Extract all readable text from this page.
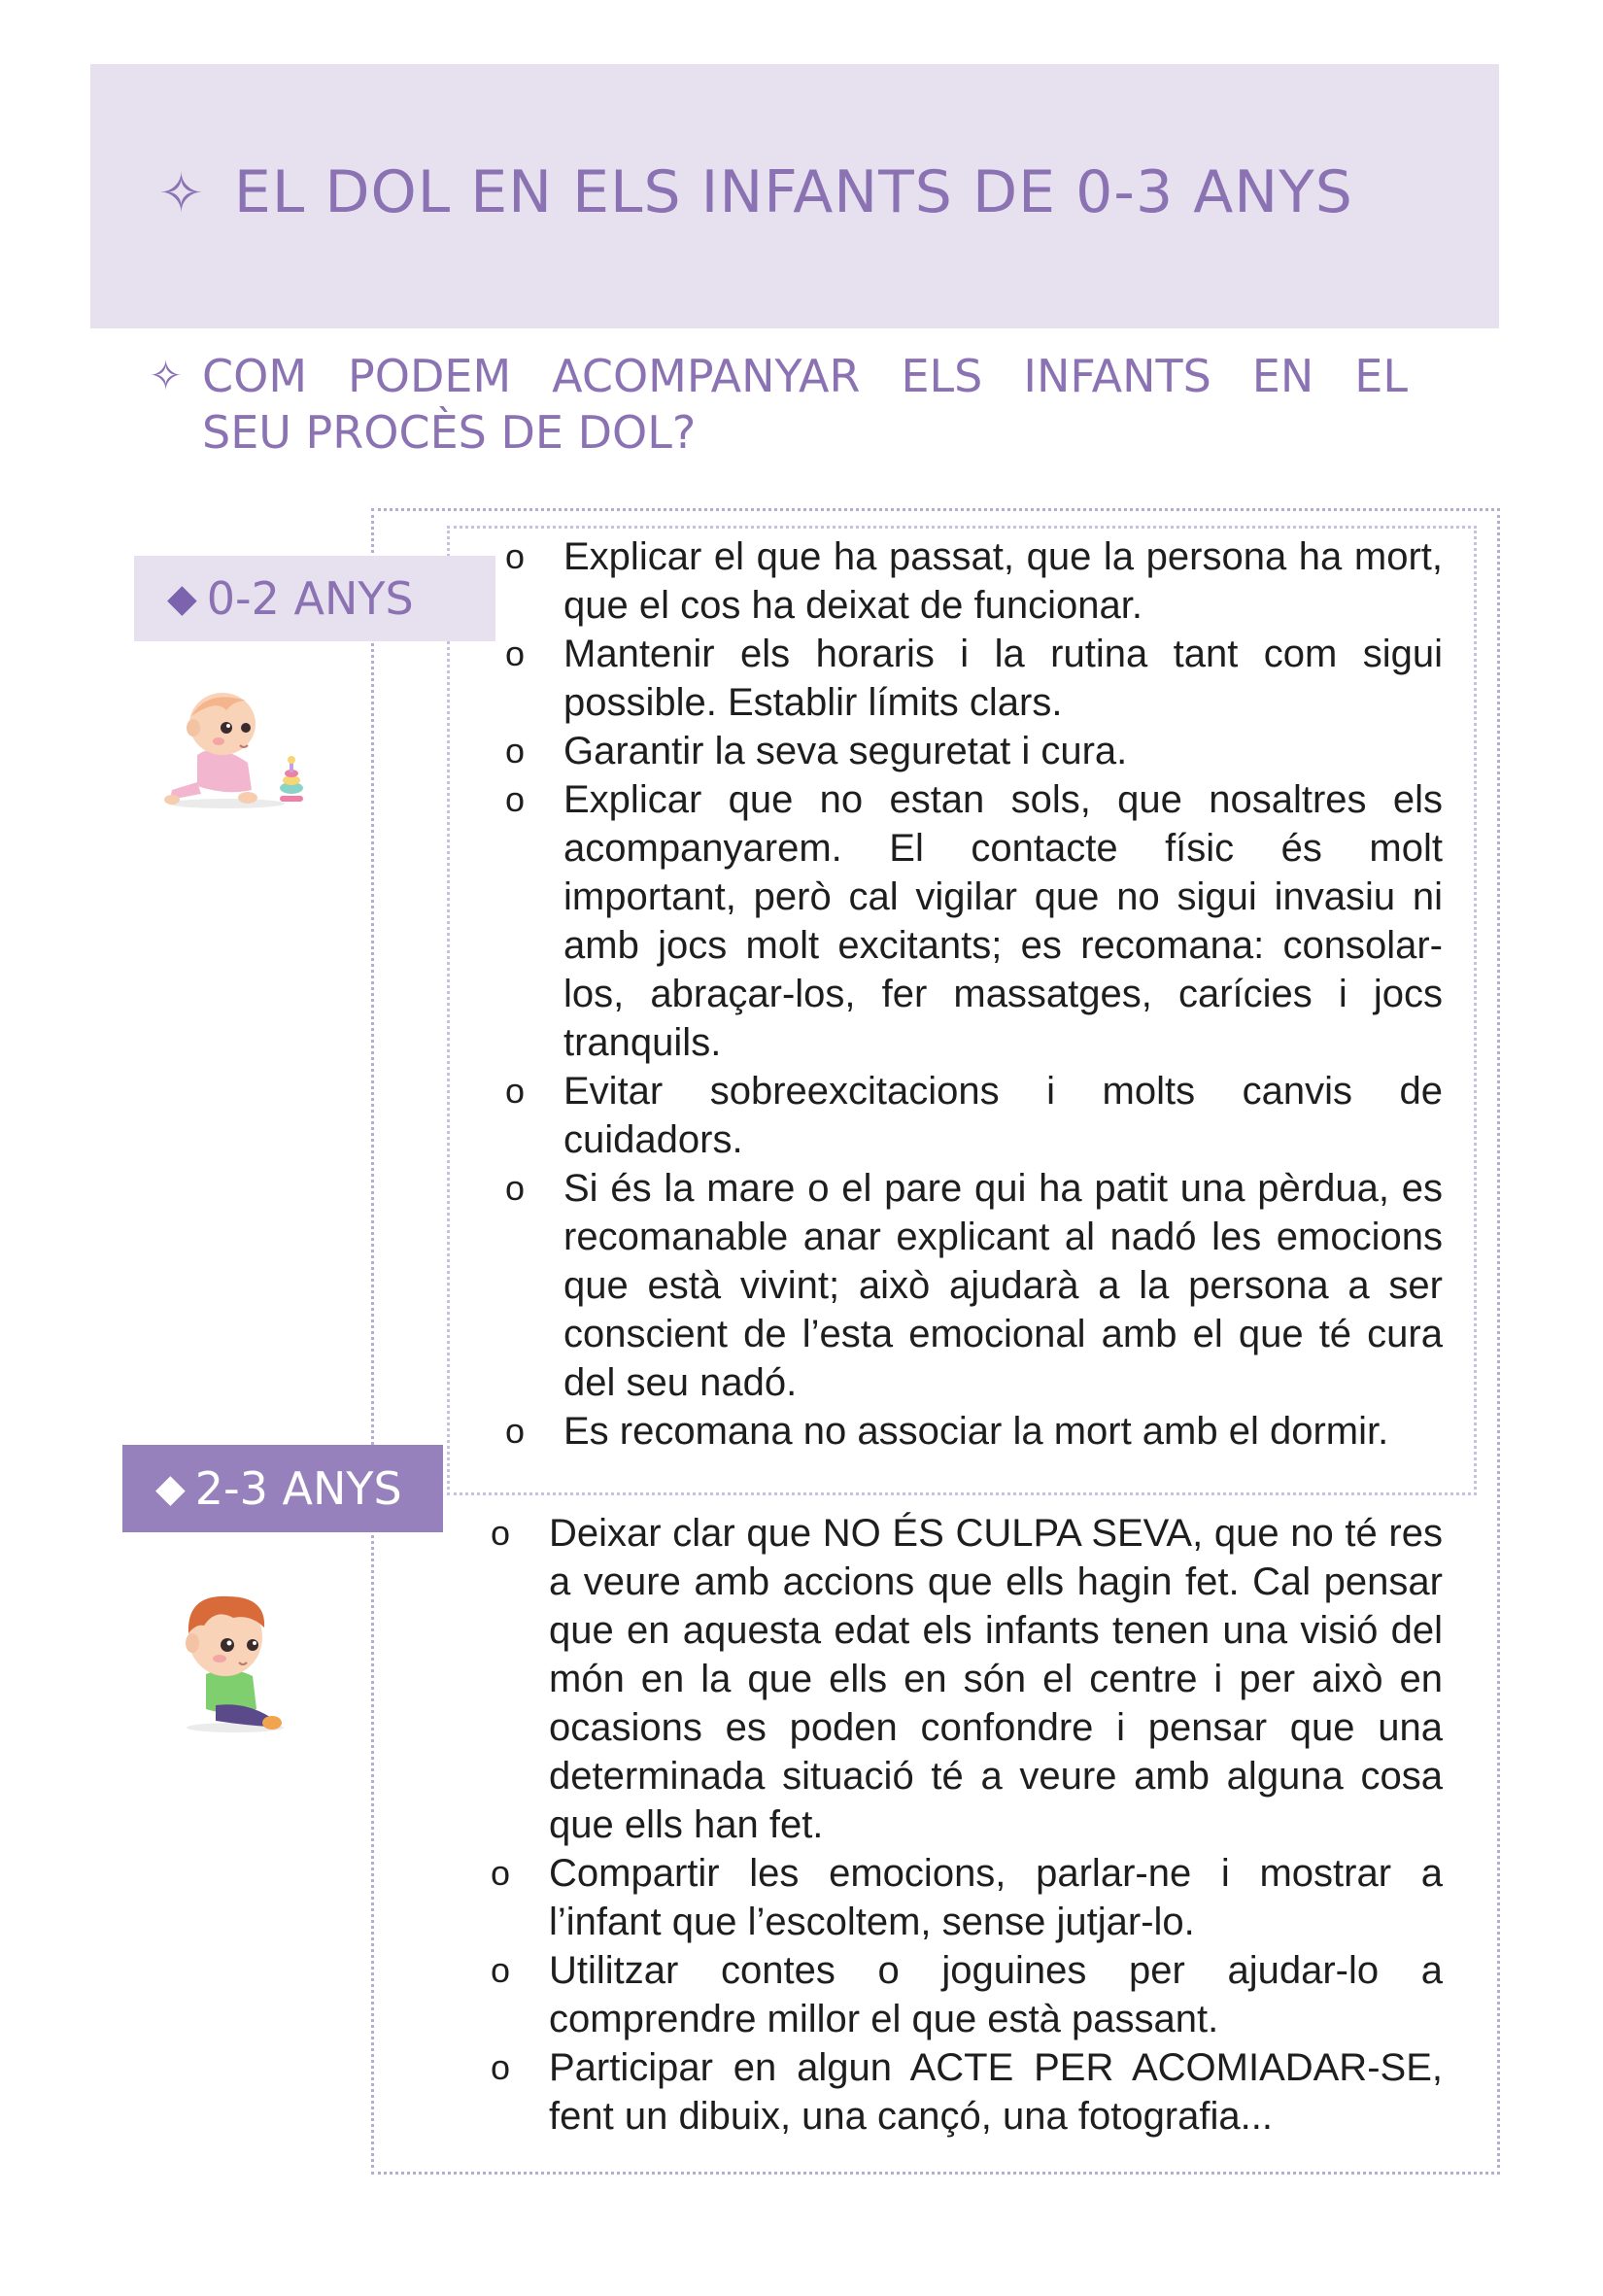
✧ EL DOL EN ELS INFANTS DE 0-3 ANYS
✧ COM PODEM ACOMPANYAR ELS INFANTS EN EL
SEU PROCÈS DE DOL?
◆ 0-2 ANYS
o Explicar el que ha passat, que la persona ha mort, que el cos ha deixat de funcionar.
o Mantenir els horaris i la rutina tant com sigui possible. Establir límits clars.
o Garantir la seva seguretat i cura.
o Explicar que no estan sols, que nosaltres els acompanyarem. El contacte físic és molt important, però cal vigilar que no sigui invasiu ni amb jocs molt excitants; es recomana: consolar-los, abraçar-los, fer massatges, carícies i jocs tranquils.
o Evitar sobreexcitacions i molts canvis de cuidadors.
o Si és la mare o el pare qui ha patit una pèrdua, es recomanable anar explicant al nadó les emocions que està vivint; això ajudarà a la persona a ser conscient de l’esta emocional amb el que té cura del seu nadó.
o Es recomana no associar la mort amb el dormir.
◆ 2-3 ANYS
o Deixar clar que NO ÉS CULPA SEVA, que no té res a veure amb accions que ells hagin fet. Cal pensar que en aquesta edat els infants tenen una visió del món en la que ells en són el centre i per això en ocasions es poden confondre i pensar que una determinada situació té a veure amb alguna cosa que ells han fet.
o Compartir les emocions, parlar-ne i mostrar a l’infant que l’escoltem, sense jutjar-lo.
o Utilitzar contes o joguines per ajudar-lo a comprendre millor el que està passant.
o Participar en algun ACTE PER ACOMIADAR-SE, fent un dibuix, una cançó, una fotografia...
